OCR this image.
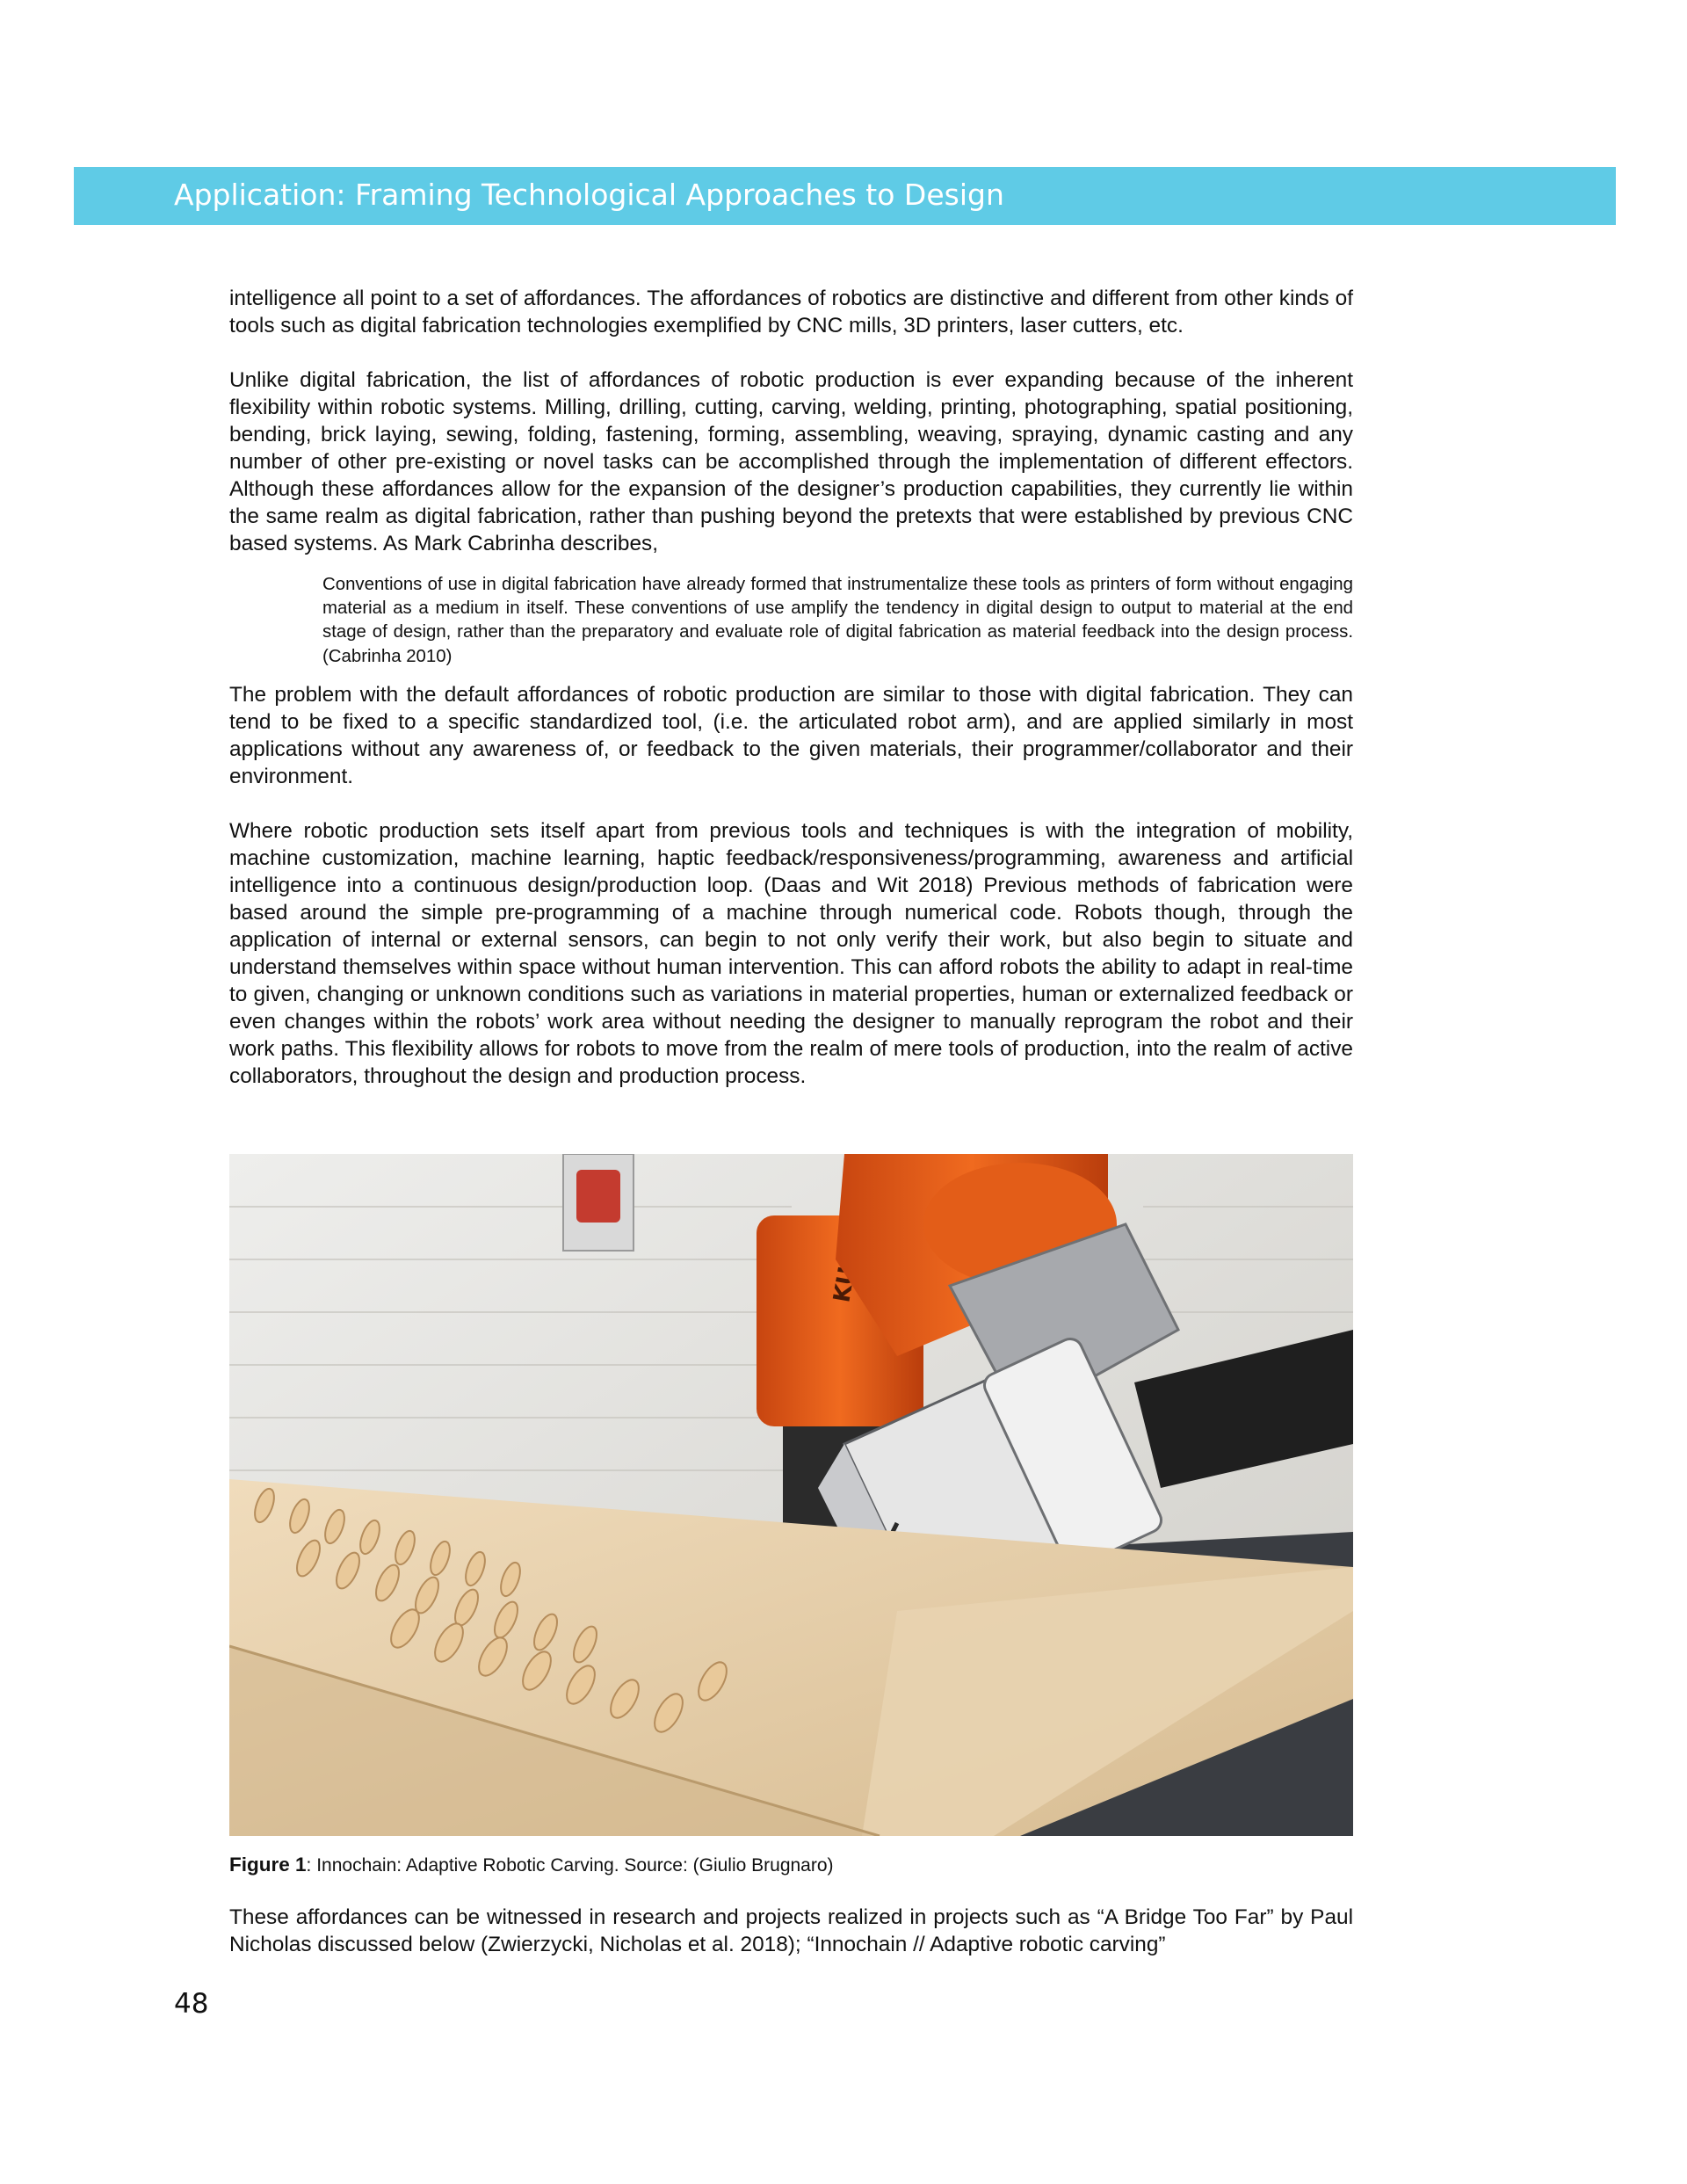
Application: Framing Technological Approaches to Design

intelligence all point to a set of affordances. The affordances of robotics are distinctive and different from other kinds of tools such as digital fabrication technologies exemplified by CNC mills, 3D printers, laser cutters, etc.

Unlike digital fabrication, the list of affordances of robotic production is ever expanding because of the inherent flexibility within robotic systems. Milling, drilling, cutting, carving, welding, printing, photographing, spatial positioning, bending, brick laying, sewing, folding, fastening, forming, assembling, weaving, spraying, dynamic casting and any number of other pre-existing or novel tasks can be accomplished through the implementation of different effectors. Although these affordances allow for the expansion of the designer’s production capabilities, they currently lie within the same realm as digital fabrication, rather than pushing beyond the pretexts that were established by previous CNC based systems. As Mark Cabrinha describes,

Conventions of use in digital fabrication have already formed that instrumentalize these tools as printers of form without engaging material as a medium in itself. These conventions of use amplify the tendency in digital design to output to material at the end stage of design, rather than the preparatory and evaluate role of digital fabrication as material feedback into the design process. (Cabrinha 2010)

The problem with the default affordances of robotic production are similar to those with digital fabrication. They can tend to be fixed to a specific standardized tool, (i.e. the articulated robot arm), and are applied similarly in most applications without any awareness of, or feedback to the given materials, their programmer/collaborator and their environment.

Where robotic production sets itself apart from previous tools and techniques is with the integration of mobility, machine customization, machine learning, haptic feedback/responsiveness/programming, awareness and artificial intelligence into a continuous design/production loop. (Daas and Wit 2018) Previous methods of fabrication were based around the simple pre-programming of a machine through numerical code. Robots though, through the application of internal or external sensors, can begin to not only verify their work, but also begin to situate and understand themselves within space without human intervention. This can afford robots the ability to adapt in real-time to given, changing or unknown conditions such as variations in material properties, human or externalized feedback or even changes within the robots’ work area without needing the designer to manually reprogram the robot and their work paths. This flexibility allows for robots to move from the realm of mere tools of production, into the realm of active collaborators, throughout the design and production process.

Figure 1: Innochain: Adaptive Robotic Carving. Source: (Giulio Brugnaro)

These affordances can be witnessed in research and projects realized in projects such as “A Bridge Too Far” by Paul Nicholas discussed below (Zwierzycki, Nicholas et al. 2018); “Innochain // Adaptive robotic carving”

48
